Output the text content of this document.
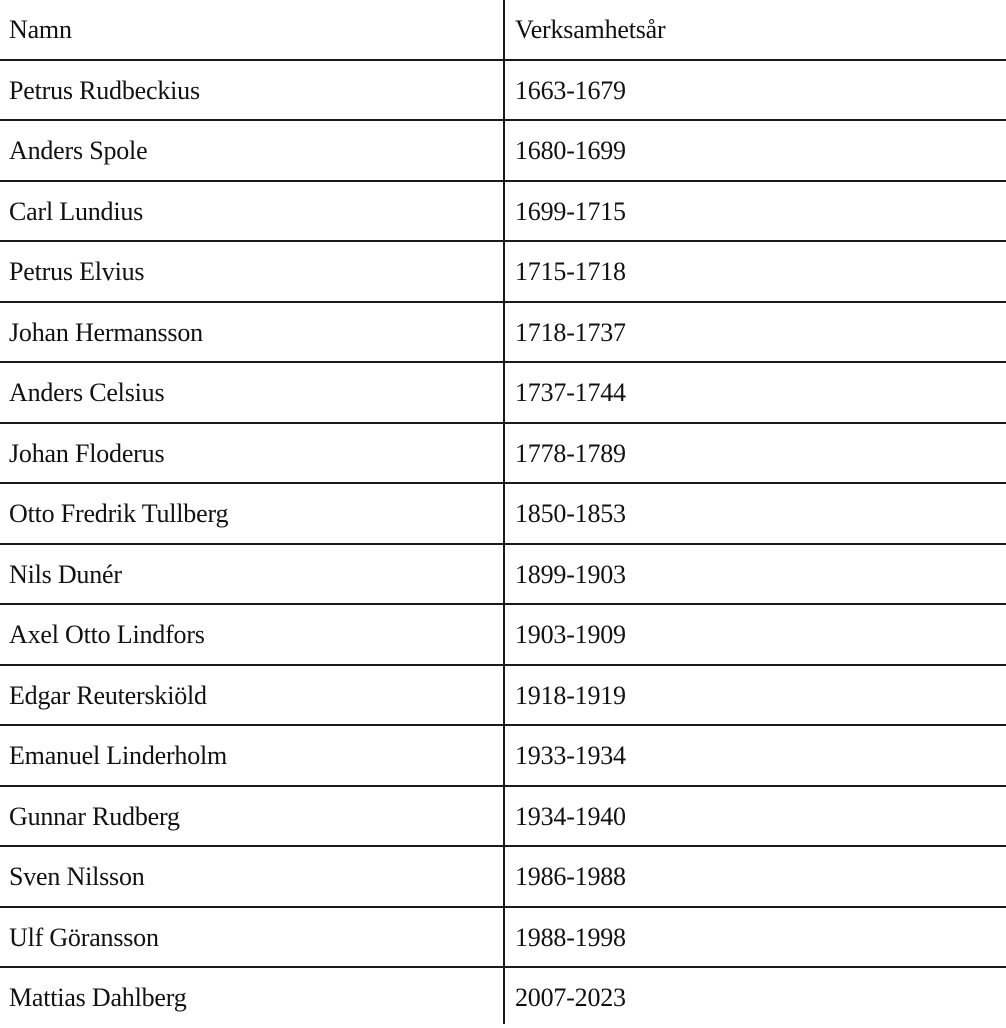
Namn	Verksamhetsår
Petrus Rudbeckius	1663-1679
Anders Spole	1680-1699
Carl Lundius	1699-1715
Petrus Elvius	1715-1718
Johan Hermansson	1718-1737
Anders Celsius	1737-1744
Johan Floderus	1778-1789
Otto Fredrik Tullberg	1850-1853
Nils Dunér	1899-1903
Axel Otto Lindfors	1903-1909
Edgar Reuterskiöld	1918-1919
Emanuel Linderholm	1933-1934
Gunnar Rudberg	1934-1940
Sven Nilsson	1986-1988
Ulf Göransson	1988-1998
Mattias Dahlberg	2007-2023
